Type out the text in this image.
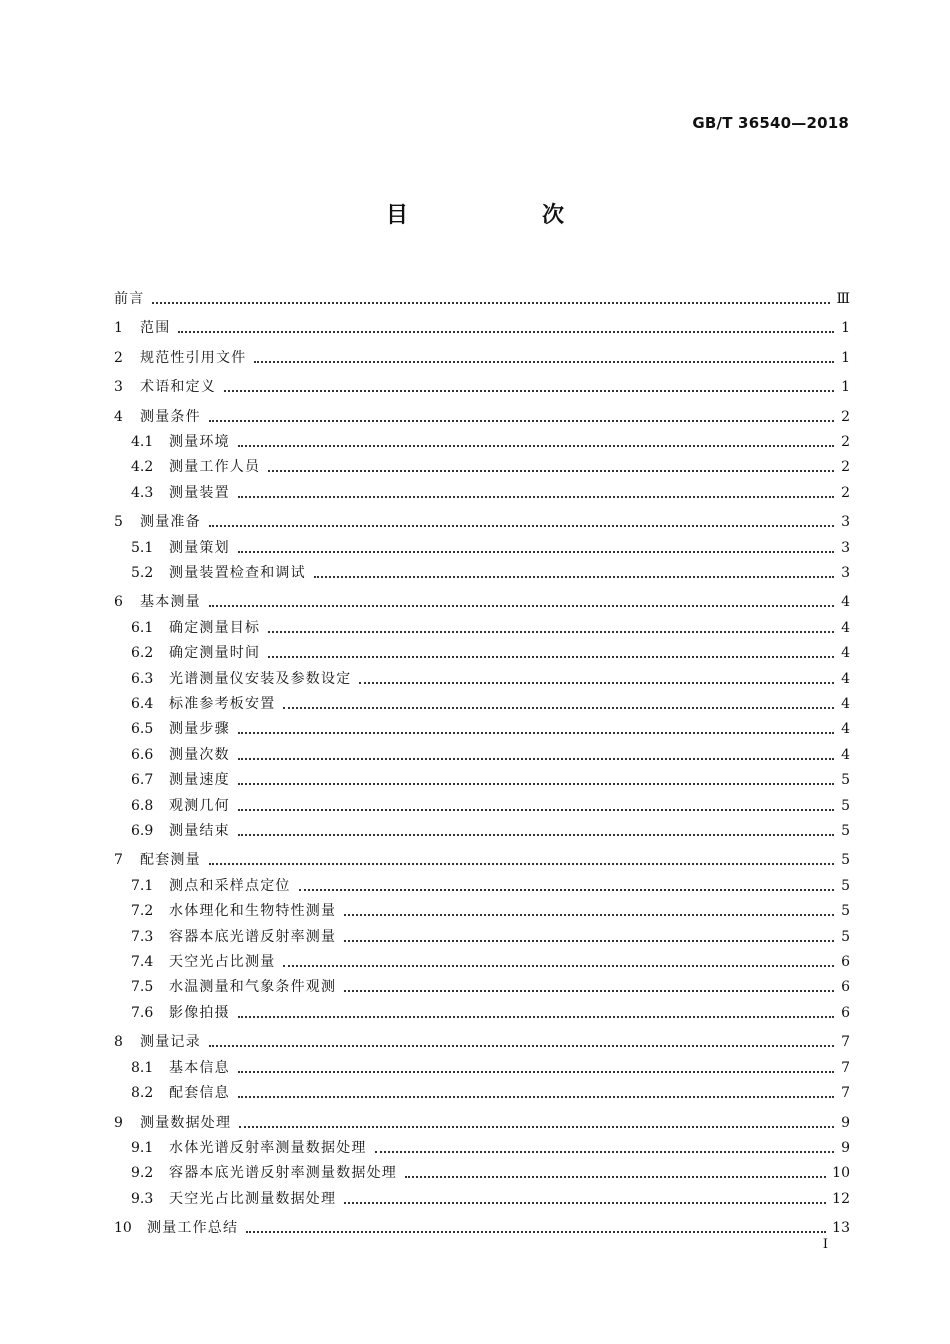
GB/T 36540—2018
目　次
前言	Ⅲ
1	范围	1
2	规范性引用文件	1
3	术语和定义	1
4	测量条件	2
4.1	测量环境	2
4.2	测量工作人员	2
4.3	测量装置	2
5	测量准备	3
5.1	测量策划	3
5.2	测量装置检查和调试	3
6	基本测量	4
6.1	确定测量目标	4
6.2	确定测量时间	4
6.3	光谱测量仪安装及参数设定	4
6.4	标准参考板安置	4
6.5	测量步骤	4
6.6	测量次数	4
6.7	测量速度	5
6.8	观测几何	5
6.9	测量结束	5
7	配套测量	5
7.1	测点和采样点定位	5
7.2	水体理化和生物特性测量	5
7.3	容器本底光谱反射率测量	5
7.4	天空光占比测量	6
7.5	水温测量和气象条件观测	6
7.6	影像拍摄	6
8	测量记录	7
8.1	基本信息	7
8.2	配套信息	7
9	测量数据处理	9
9.1	水体光谱反射率测量数据处理	9
9.2	容器本底光谱反射率测量数据处理	10
9.3	天空光占比测量数据处理	12
10	测量工作总结	13
Ⅰ
